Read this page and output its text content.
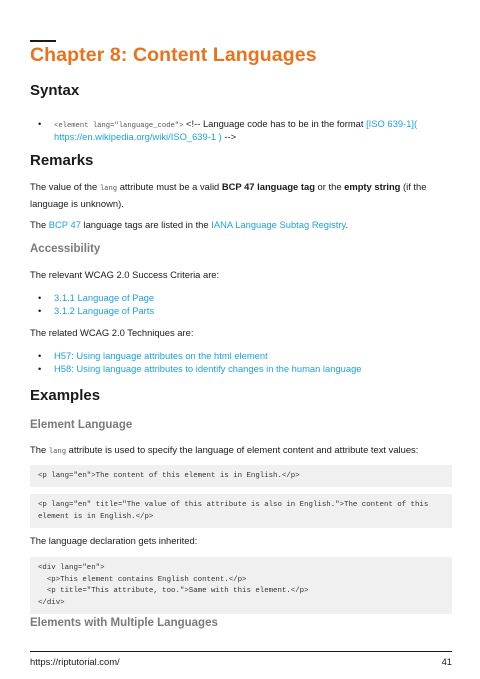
Chapter 8: Content Languages
Syntax
• <element lang="language_code"> <!-- Language code has to be in the format [ISO 639-1](
https://en.wikipedia.org/wiki/ISO_639-1 ) -->
Remarks
The value of the lang attribute must be a valid BCP 47 language tag or the empty string (if the
language is unknown).
The BCP 47 language tags are listed in the IANA Language Subtag Registry.
Accessibility
The relevant WCAG 2.0 Success Criteria are:
• 3.1.1 Language of Page
• 3.1.2 Language of Parts
The related WCAG 2.0 Techniques are:
• H57: Using language attributes on the html element
• H58: Using language attributes to identify changes in the human language
Examples
Element Language
The lang attribute is used to specify the language of element content and attribute text values:
<p lang="en">The content of this element is in English.</p>
<p lang="en" title="The value of this attribute is also in English.">The content of this
element is in English.</p>
The language declaration gets inherited:
<div lang="en">
<p>This element contains English content.</p>
<p title="This attribute, too.">Same with this element.</p>
</div>
Elements with Multiple Languages
https://riptutorial.com/	41
